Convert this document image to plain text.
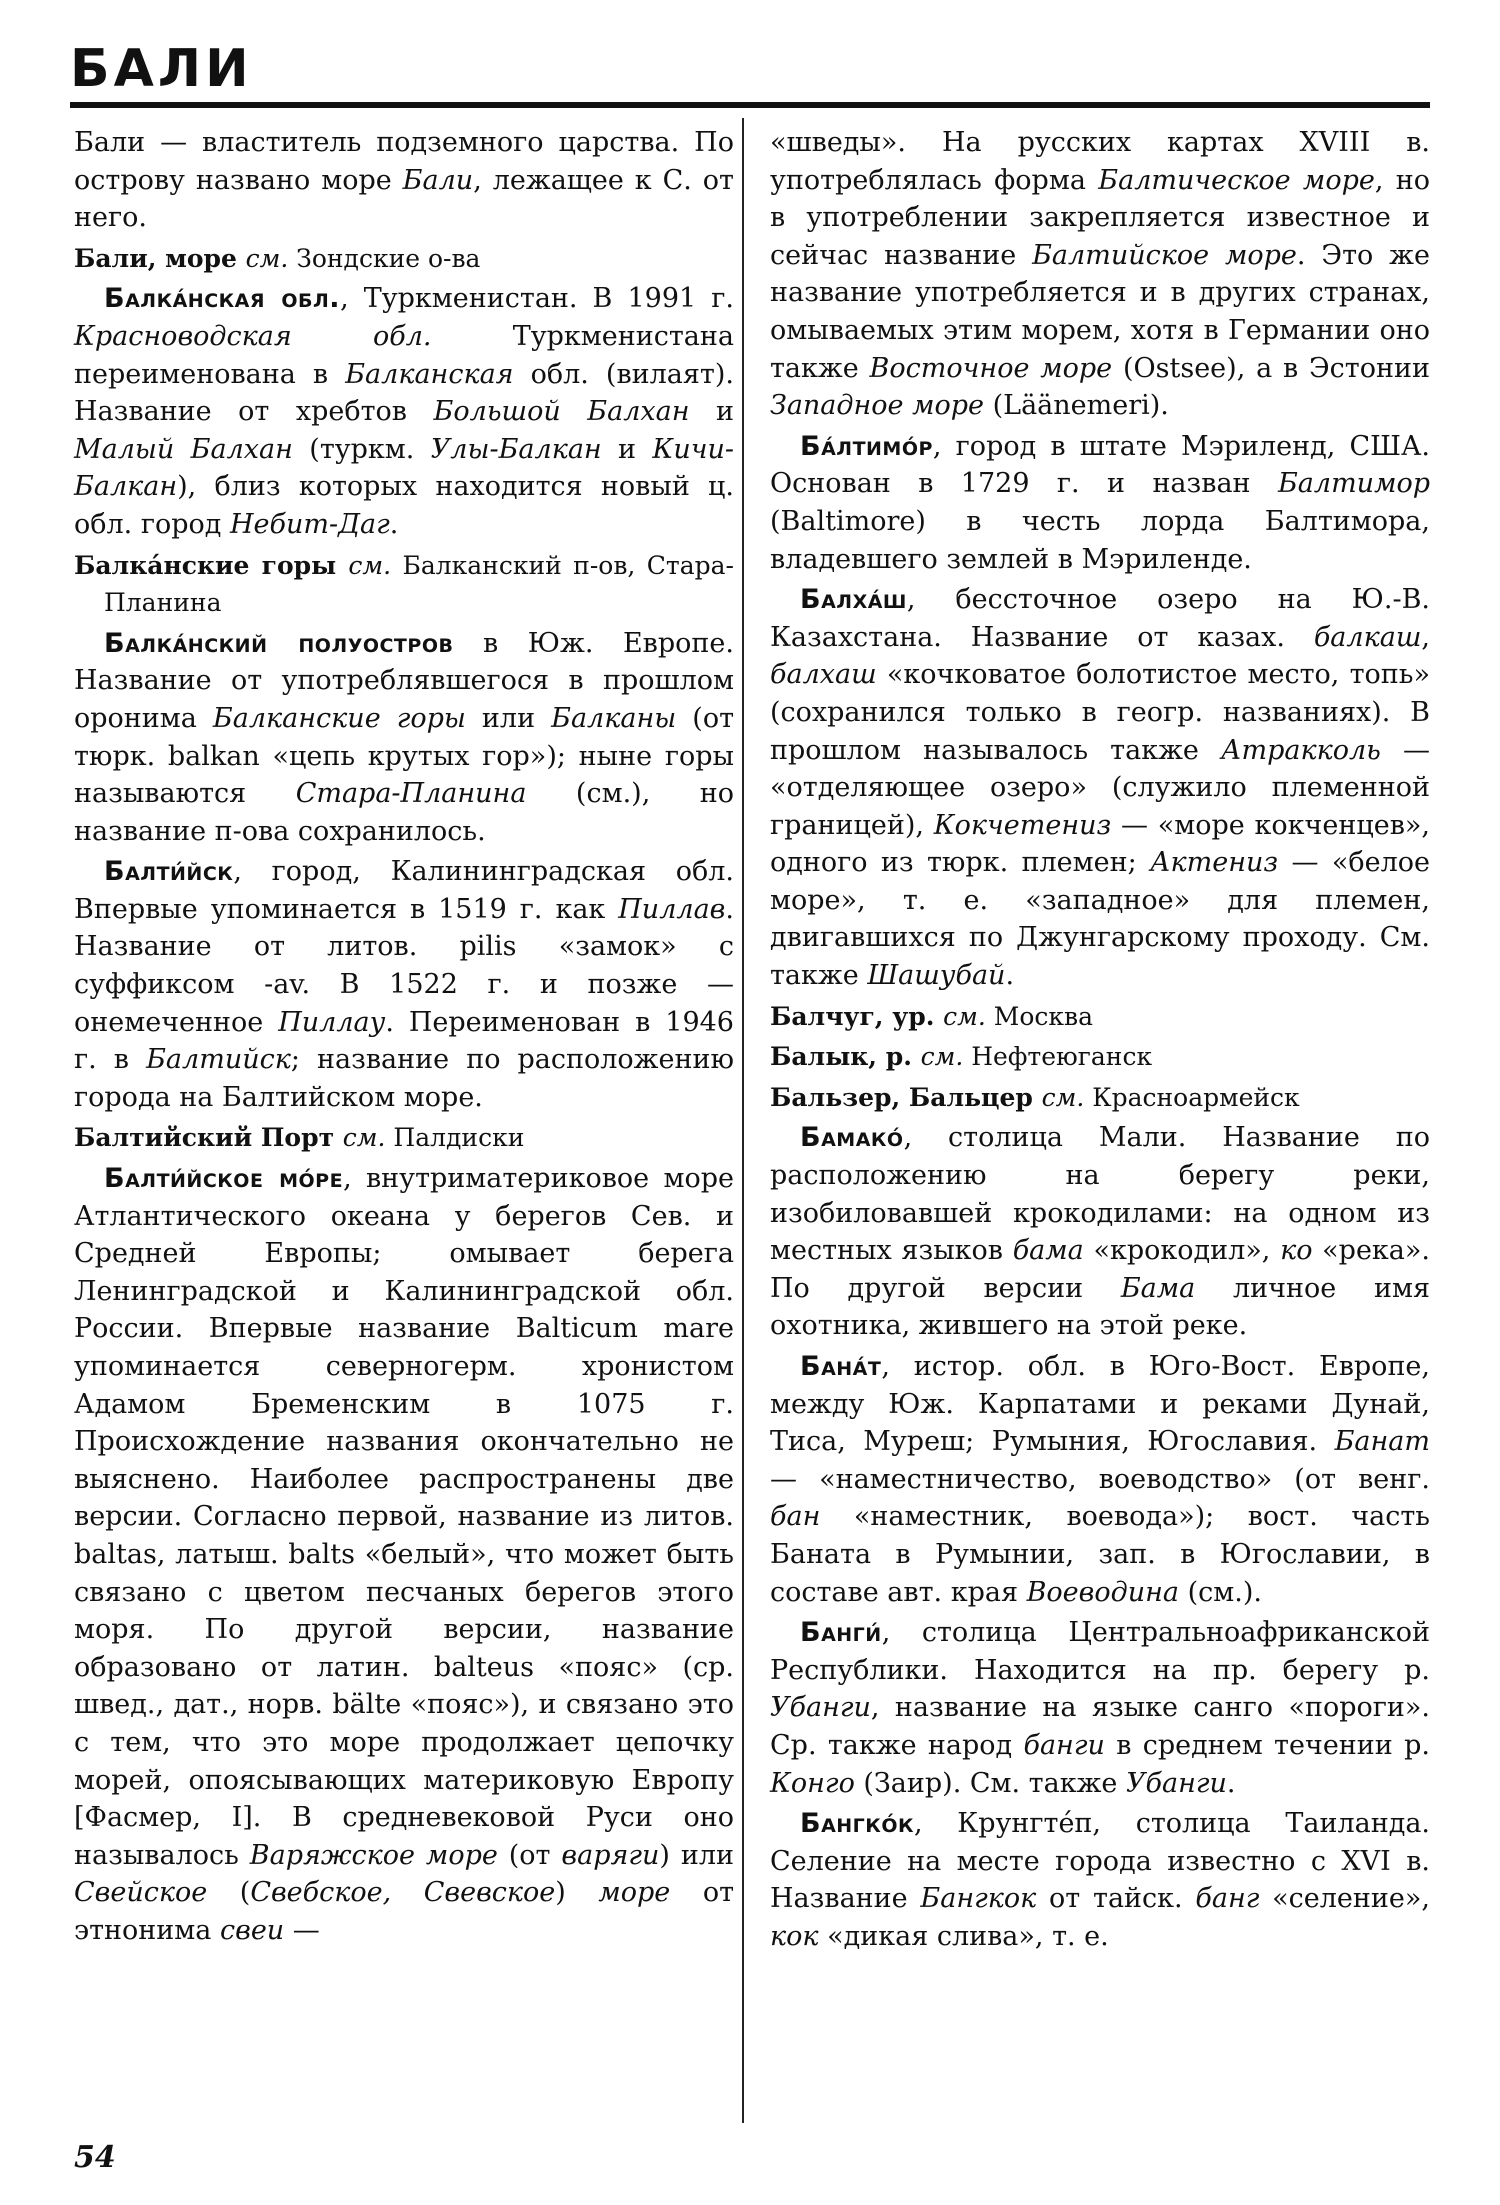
БАЛИ

Бали — властитель подземного царства. По острову названо море Бали, лежащее к С. от него.

Бали, море см. Зондские о-ва

Балка́нская обл., Туркменистан. В 1991 г. Красноводская обл. Туркменистана переименована в Балканская обл. (вилаят). Название от хребтов Большой Балхан и Малый Балхан (туркм. Улы-Балкан и Кичи-Балкан), близ которых находится новый ц. обл. город Небит-Даг.

Балка́нские горы см. Балканский п-ов, Стара-Планина

Балка́нский полуостров в Юж. Европе. Название от употреблявшегося в прошлом оронима Балканские горы или Балканы (от тюрк. balkan «цепь крутых гор»); ныне горы называются Стара-Планина (см.), но название п-ова сохранилось.

Балти́йск, город, Калининградская обл. Впервые упоминается в 1519 г. как Пиллав. Название от литов. pilis «замок» с суффиксом -av. В 1522 г. и позже — онемеченное Пиллау. Переименован в 1946 г. в Балтийск; название по расположению города на Балтийском море.

Балтийский Порт см. Палдиски

Балти́йское мо́ре, внутриматериковое море Атлантического океана у берегов Сев. и Средней Европы; омывает берега Ленинградской и Калининградской обл. России. Впервые название Balticum mare упоминается северногерм. хронистом Адамом Бременским в 1075 г. Происхождение названия окончательно не выяснено. Наиболее распространены две версии. Согласно первой, название из литов. baltas, латыш. balts «белый», что может быть связано с цветом песчаных берегов этого моря. По другой версии, название образовано от латин. balteus «пояс» (ср. швед., дат., норв. bälte «пояс»), и связано это с тем, что это море продолжает цепочку морей, опоясывающих материковую Европу [Фасмер, I]. В средневековой Руси оно называлось Варяжское море (от варяги) или Свейское (Свебское, Свевское) море от этнонима свеи —

«шведы». На русских картах XVIII в. употреблялась форма Балтическое море, но в употреблении закрепляется известное и сейчас название Балтийское море. Это же название употребляется и в других странах, омываемых этим морем, хотя в Германии оно также Восточное море (Ostsee), а в Эстонии Западное море (Läänemeri).

Ба́лтимо́р, город в штате Мэриленд, США. Основан в 1729 г. и назван Балтимор (Baltimore) в честь лорда Балтимора, владевшего землей в Мэриленде.

Балха́ш, бессточное озеро на Ю.-В. Казахстана. Название от казах. балкаш, балхаш «кочковатое болотистое место, топь» (сохранился только в геогр. названиях). В прошлом называлось также Атракколь — «отделяющее озеро» (служило племенной границей), Кокчетениз — «море кокченцев», одного из тюрк. племен; Актениз — «белое море», т. е. «западное» для племен, двигавшихся по Джунгарскому проходу. См. также Шашубай.

Балчуг, ур. см. Москва

Балык, р. см. Нефтеюганск

Бальзер, Бальцер см. Красноармейск

Бамако́, столица Мали. Название по расположению на берегу реки, изобиловавшей крокодилами: на одном из местных языков бама «крокодил», ко «река». По другой версии Бама личное имя охотника, жившего на этой реке.

Бана́т, истор. обл. в Юго-Вост. Европе, между Юж. Карпатами и реками Дунай, Тиса, Муреш; Румыния, Югославия. Банат — «наместничество, воеводство» (от венг. бан «наместник, воевода»); вост. часть Баната в Румынии, зап. в Югославии, в составе авт. края Воеводина (см.).

Банги́, столица Центральноафриканской Республики. Находится на пр. берегу р. Убанги, название на языке санго «пороги». Ср. также народ банги в среднем течении р. Конго (Заир). См. также Убанги.

Бангко́к, Крунгтéп, столица Таиланда. Селение на месте города известно с XVI в. Название Бангкок от тайск. банг «селение», кок «дикая слива», т. е.

54
